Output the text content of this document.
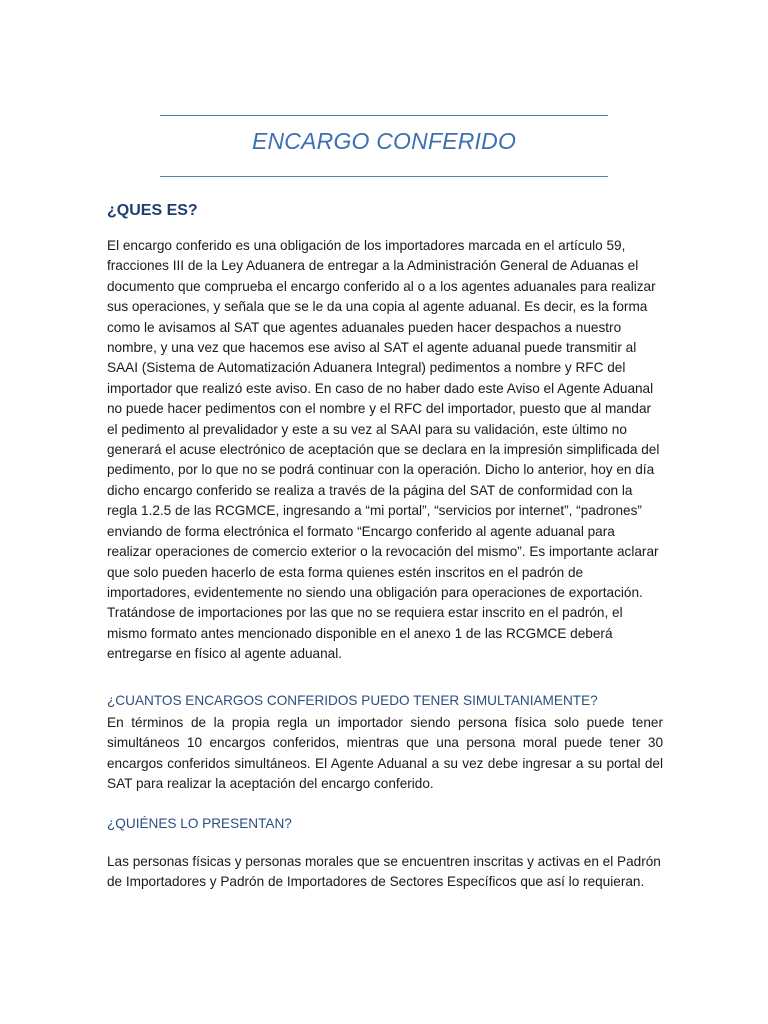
ENCARGO CONFERIDO
¿QUES ES?

El encargo conferido es una obligación de los importadores marcada en el artículo 59, fracciones III de la Ley Aduanera de entregar a la Administración General de Aduanas el documento que comprueba el encargo conferido al o a los agentes aduanales para realizar sus operaciones, y señala que se le da una copia al agente aduanal. Es decir, es la forma como le avisamos al SAT que agentes aduanales pueden hacer despachos a nuestro nombre, y una vez que hacemos ese aviso al SAT el agente aduanal puede transmitir al SAAI (Sistema de Automatización Aduanera Integral) pedimentos a nombre y RFC del importador que realizó este aviso. En caso de no haber dado este Aviso el Agente Aduanal no puede hacer pedimentos con el nombre y el RFC del importador, puesto que al mandar el pedimento al prevalidador y este a su vez al SAAI para su validación, este último no generará el acuse electrónico de aceptación que se declara en la impresión simplificada del pedimento, por lo que no se podrá continuar con la operación. Dicho lo anterior, hoy en día dicho encargo conferido se realiza a través de la página del SAT de conformidad con la regla 1.2.5 de las RCGMCE, ingresando a “mi portal”, “servicios por internet”, “padrones” enviando de forma electrónica el formato “Encargo conferido al agente aduanal para realizar operaciones de comercio exterior o la revocación del mismo”. Es importante aclarar que solo pueden hacerlo de esta forma quienes estén inscritos en el padrón de importadores, evidentemente no siendo una obligación para operaciones de exportación. Tratándose de importaciones por las que no se requiera estar inscrito en el padrón, el mismo formato antes mencionado disponible en el anexo 1 de las RCGMCE deberá entregarse en físico al agente aduanal.

¿CUANTOS ENCARGOS CONFERIDOS PUEDO TENER SIMULTANIAMENTE?

En términos de la propia regla un importador siendo persona física solo puede tener simultáneos 10 encargos conferidos, mientras que una persona moral puede tener 30 encargos conferidos simultáneos. El Agente Aduanal a su vez debe ingresar a su portal del SAT para realizar la aceptación del encargo conferido.

¿QUIÉNES LO PRESENTAN?

Las personas físicas y personas morales que se encuentren inscritas y activas en el Padrón de Importadores y Padrón de Importadores de Sectores Específicos que así lo requieran.
